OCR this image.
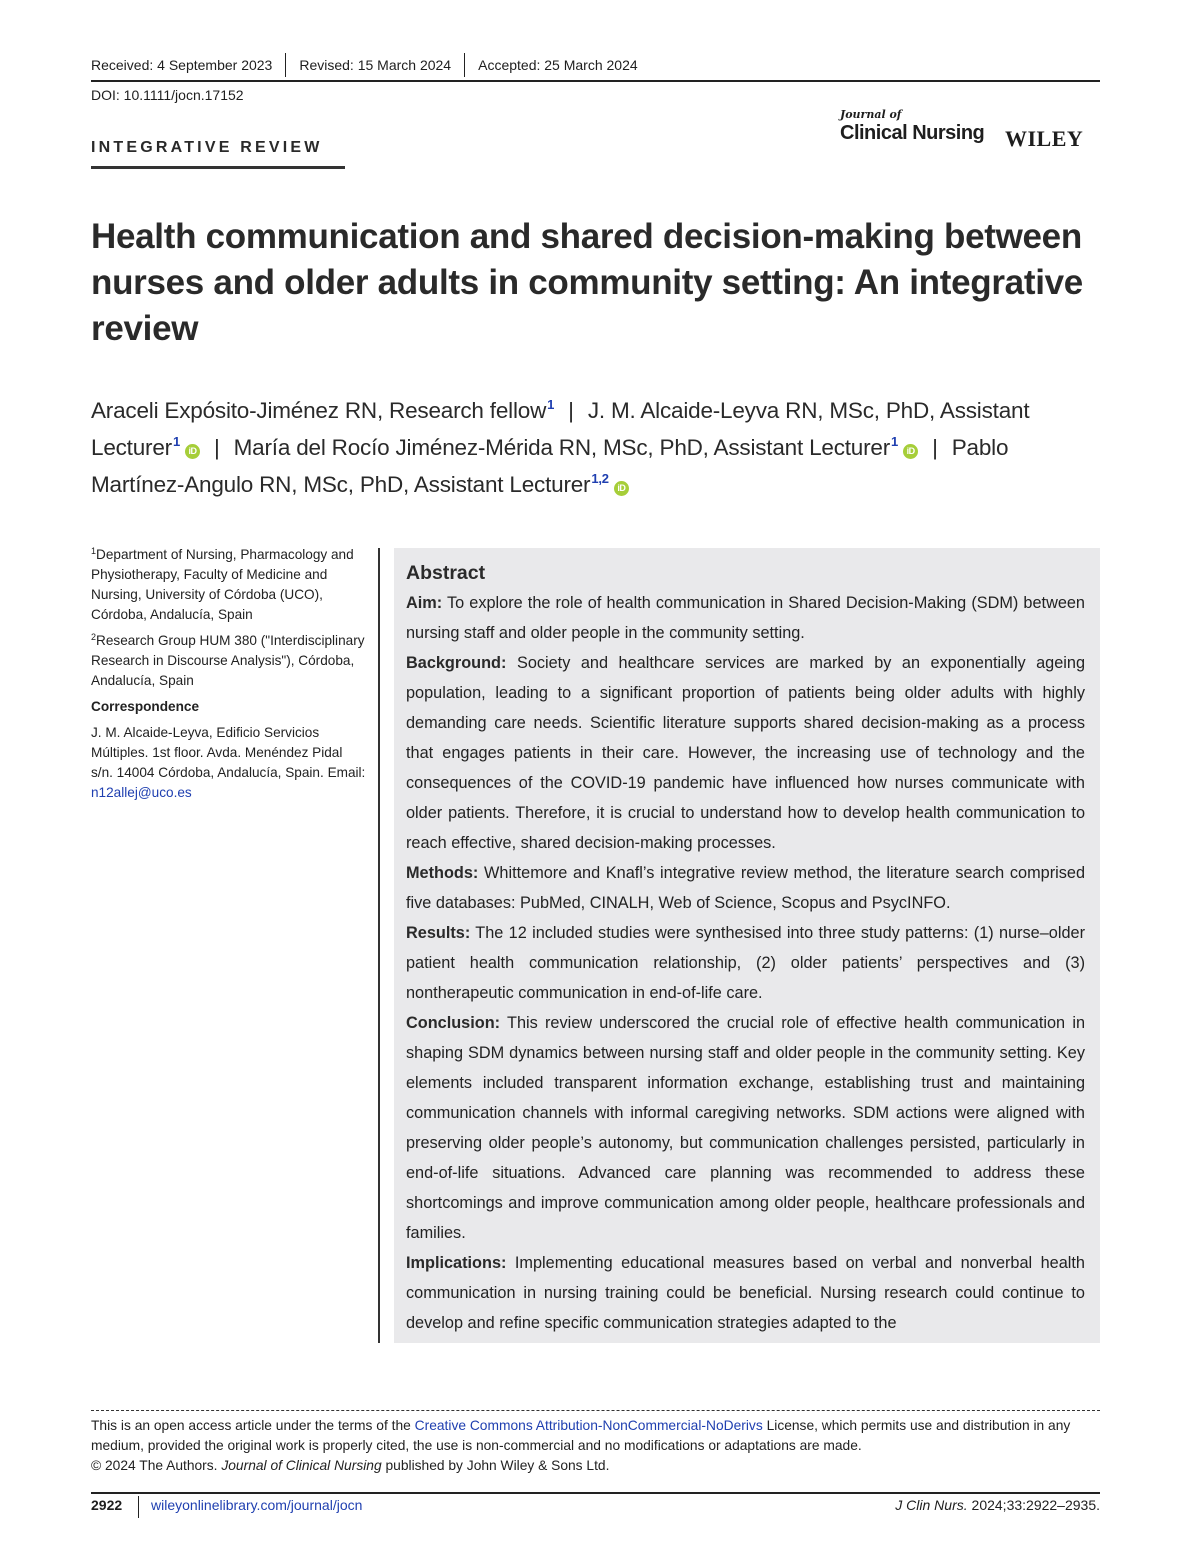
Received: 4 September 2023 Revised: 15 March 2024 Accepted: 25 March 2024
DOI: 10.1111/jocn.17152
INTEGRATIVE REVIEW
Journal of
Clinical Nursing WILEY
Health communication and shared decision-making between nurses and older adults in community setting: An integrative review
Araceli Expósito-Jiménez RN, Research fellow$^1$ | J. M. Alcaide-Leyva RN, MSc, PhD, Assistant Lecturer$^1$iD | María del Rocío Jiménez-Mérida RN, MSc, PhD, Assistant Lecturer$^1$iD | Pablo Martínez-Angulo RN, MSc, PhD, Assistant Lecturer$^{1,2}$iD

$^1$Department of Nursing, Pharmacology and Physiotherapy, Faculty of Medicine and Nursing, University of Córdoba (UCO), Córdoba, Andalucía, Spain

$^2$Research Group HUM 380 ("Interdisciplinary Research in Discourse Analysis"), Córdoba, Andalucía, Spain

Correspondence

J. M. Alcaide-Leyva, Edificio Servicios Múltiples. 1st floor. Avda. Menéndez Pidal s/n. 14004 Córdoba, Andalucía, Spain. Email: n12allej@uco.es
Abstract

Aim: To explore the role of health communication in Shared Decision-Making (SDM) between nursing staff and older people in the community setting.

Background: Society and healthcare services are marked by an exponentially ageing population, leading to a significant proportion of patients being older adults with highly demanding care needs. Scientific literature supports shared decision-making as a process that engages patients in their care. However, the increasing use of technology and the consequences of the COVID-19 pandemic have influenced how nurses communicate with older patients. Therefore, it is crucial to understand how to develop health communication to reach effective, shared decision-making processes.

Methods: Whittemore and Knafl’s integrative review method, the literature search comprised five databases: PubMed, CINALH, Web of Science, Scopus and PsycINFO.

Results: The 12 included studies were synthesised into three study patterns: (1) nurse–older patient health communication relationship, (2) older patients’ perspectives and (3) nontherapeutic communication in end-of-life care.

Conclusion: This review underscored the crucial role of effective health communication in shaping SDM dynamics between nursing staff and older people in the community setting. Key elements included transparent information exchange, establishing trust and maintaining communication channels with informal caregiving networks. SDM actions were aligned with preserving older people’s autonomy, but communication challenges persisted, particularly in end-of-life situations. Advanced care planning was recommended to address these shortcomings and improve communication among older people, healthcare professionals and families.

Implications: Implementing educational measures based on verbal and nonverbal health communication in nursing training could be beneficial. Nursing research could continue to develop and refine specific communication strategies adapted to the

This is an open access article under the terms of the Creative Commons Attribution-NonCommercial-NoDerivs License, which permits use and distribution in any medium, provided the original work is properly cited, the use is non-commercial and no modifications or adaptations are made.

© 2024 The Authors. Journal of Clinical Nursing published by John Wiley & Sons Ltd.

2922 wileyonlinelibrary.com/journal/jocn	J Clin Nurs. 2024;33:2922–2935.
